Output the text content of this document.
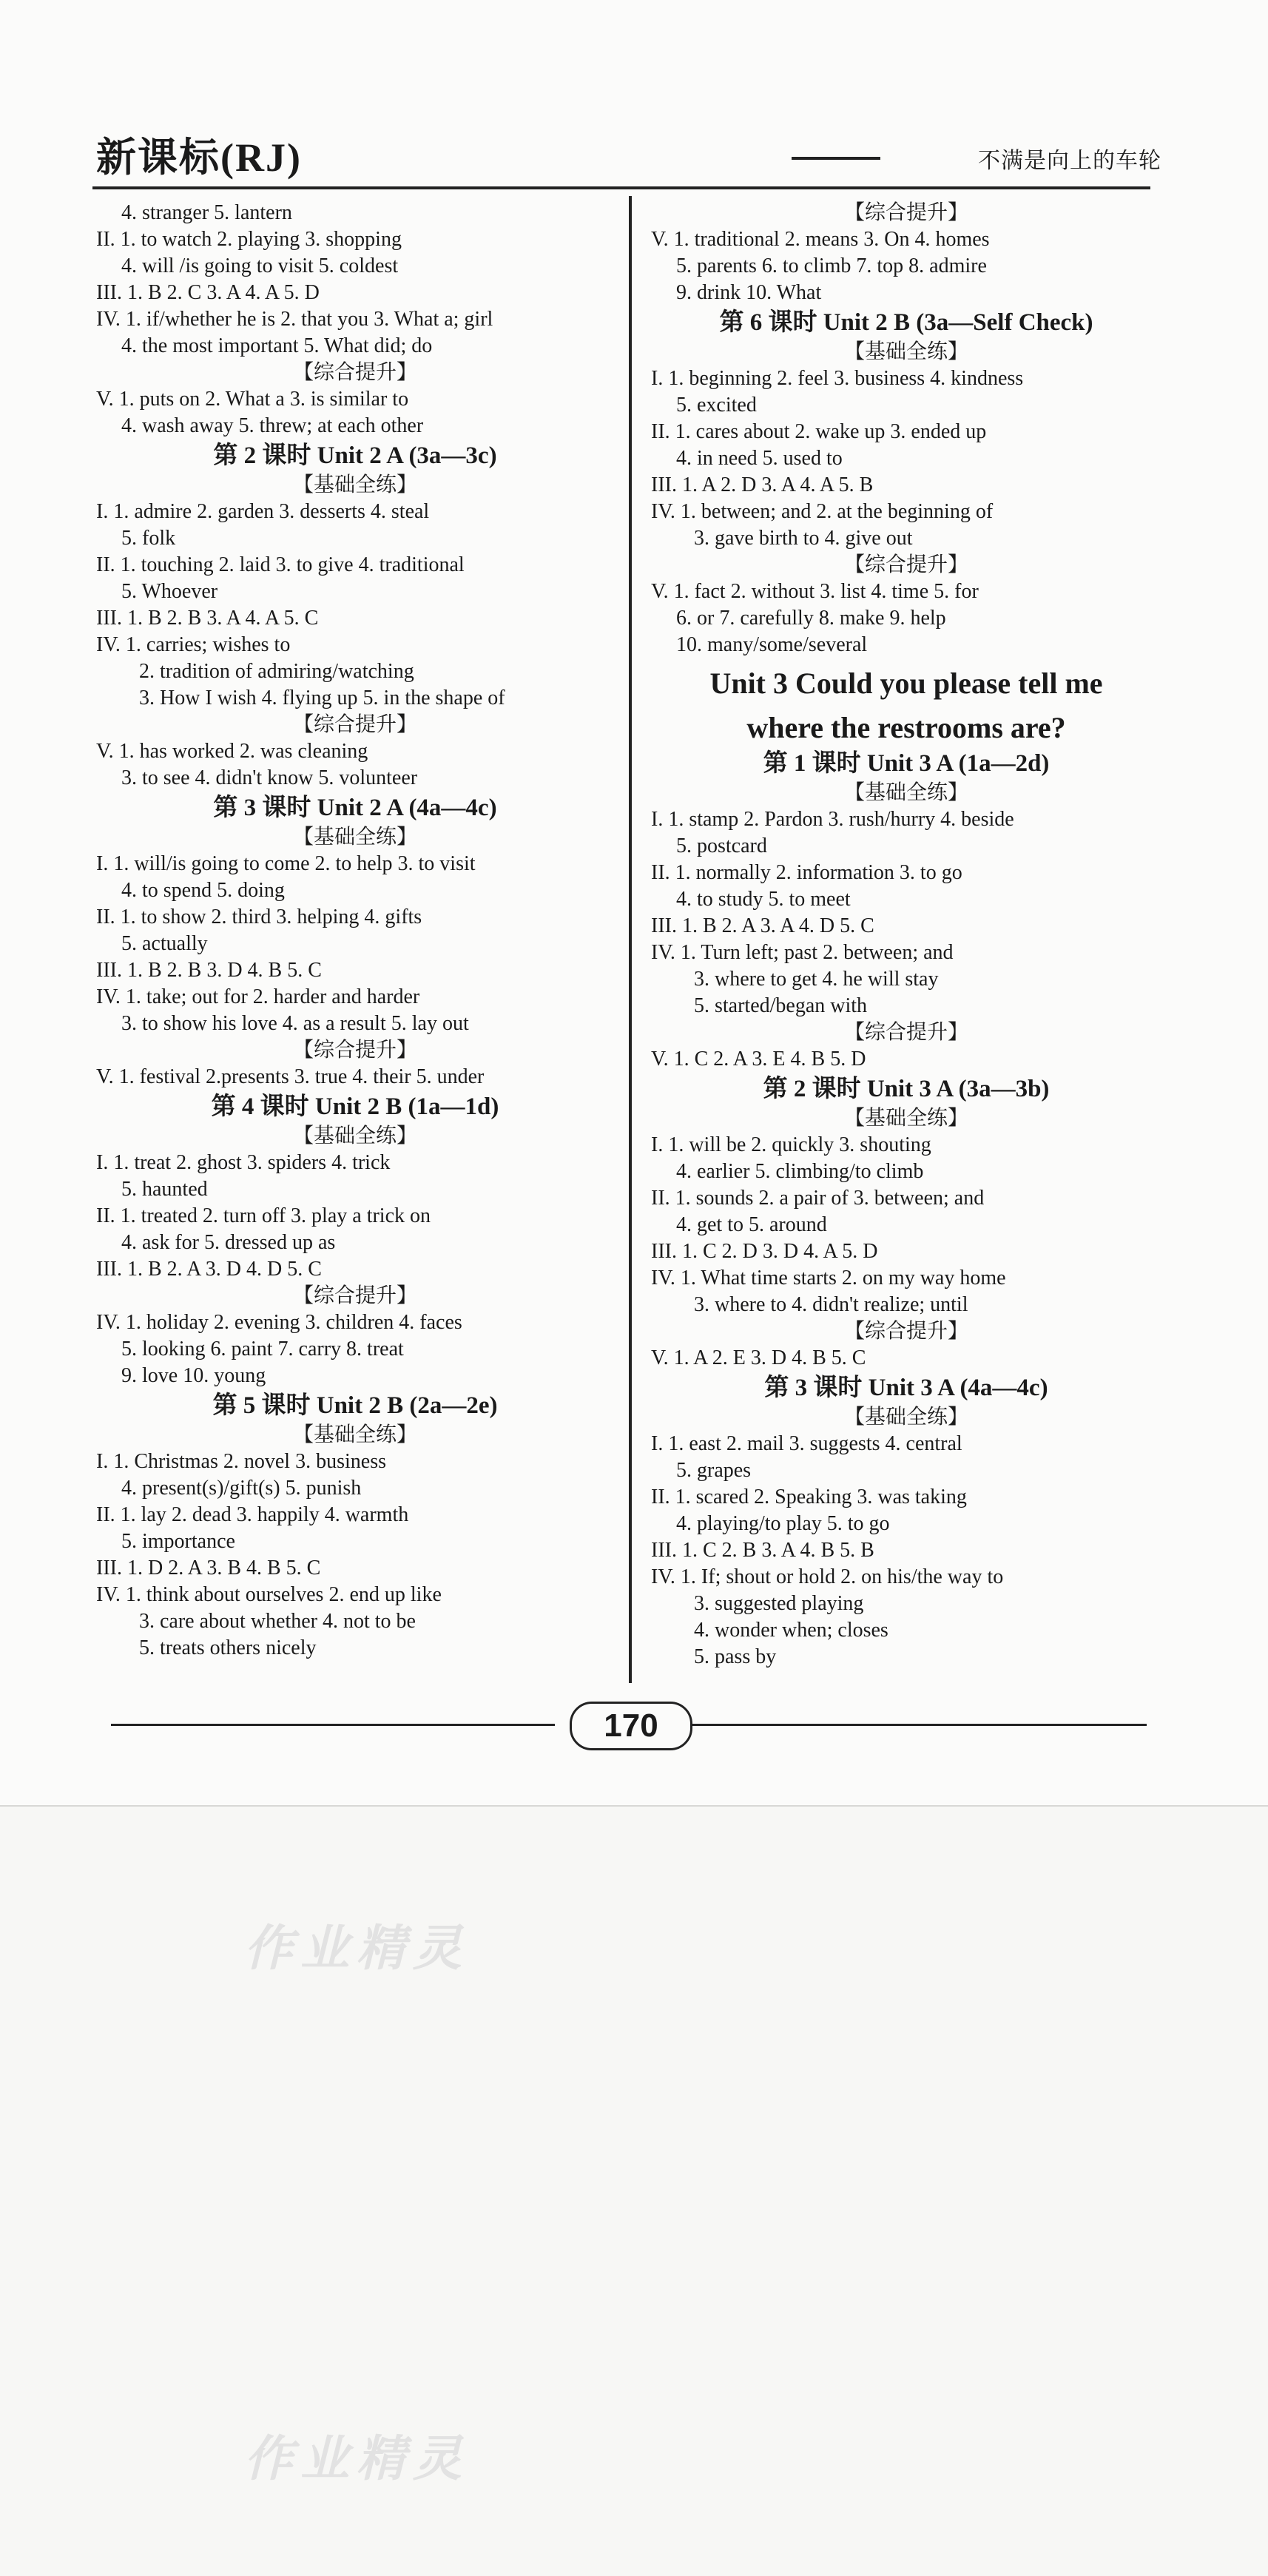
新课标(RJ)	不满是向上的车轮
4. stranger 5. lantern
II. 1. to watch 2. playing 3. shopping
4. will /is going to visit 5. coldest
III. 1. B 2. C 3. A 4. A 5. D
IV. 1. if/whether he is 2. that you 3. What a; girl
4. the most important 5. What did; do
【综合提升】
V. 1. puts on 2. What a 3. is similar to
4. wash away 5. threw; at each other
第 2 课时 Unit 2 A (3a—3c)
【基础全练】
I. 1. admire 2. garden 3. desserts 4. steal
5. folk
II. 1. touching 2. laid 3. to give 4. traditional
5. Whoever
III. 1. B 2. B 3. A 4. A 5. C
IV. 1. carries; wishes to
2. tradition of admiring/watching
3. How I wish 4. flying up 5. in the shape of
【综合提升】
V. 1. has worked 2. was cleaning
3. to see 4. didn't know 5. volunteer
第 3 课时 Unit 2 A (4a—4c)
【基础全练】
I. 1. will/is going to come 2. to help 3. to visit
4. to spend 5. doing
II. 1. to show 2. third 3. helping 4. gifts
5. actually
III. 1. B 2. B 3. D 4. B 5. C
IV. 1. take; out for 2. harder and harder
3. to show his love 4. as a result 5. lay out
【综合提升】
V. 1. festival 2.presents 3. true 4. their 5. under
第 4 课时 Unit 2 B (1a—1d)
【基础全练】
I. 1. treat 2. ghost 3. spiders 4. trick
5. haunted
II. 1. treated 2. turn off 3. play a trick on
4. ask for 5. dressed up as
III. 1. B 2. A 3. D 4. D 5. C
【综合提升】
IV. 1. holiday 2. evening 3. children 4. faces
5. looking 6. paint 7. carry 8. treat
9. love 10. young
第 5 课时 Unit 2 B (2a—2e)
【基础全练】
I. 1. Christmas 2. novel 3. business
4. present(s)/gift(s) 5. punish
II. 1. lay 2. dead 3. happily 4. warmth
5. importance
III. 1. D 2. A 3. B 4. B 5. C
IV. 1. think about ourselves 2. end up like
3. care about whether 4. not to be
5. treats others nicely
【综合提升】
V. 1. traditional 2. means 3. On 4. homes
5. parents 6. to climb 7. top 8. admire
9. drink 10. What
第 6 课时 Unit 2 B (3a—Self Check)
【基础全练】
I. 1. beginning 2. feel 3. business 4. kindness
5. excited
II. 1. cares about 2. wake up 3. ended up
4. in need 5. used to
III. 1. A 2. D 3. A 4. A 5. B
IV. 1. between; and 2. at the beginning of
3. gave birth to 4. give out
【综合提升】
V. 1. fact 2. without 3. list 4. time 5. for
6. or 7. carefully 8. make 9. help
10. many/some/several
Unit 3 Could you please tell me
where the restrooms are?
第 1 课时 Unit 3 A (1a—2d)
【基础全练】
I. 1. stamp 2. Pardon 3. rush/hurry 4. beside
5. postcard
II. 1. normally 2. information 3. to go
4. to study 5. to meet
III. 1. B 2. A 3. A 4. D 5. C
IV. 1. Turn left; past 2. between; and
3. where to get 4. he will stay
5. started/began with
【综合提升】
V. 1. C 2. A 3. E 4. B 5. D
第 2 课时 Unit 3 A (3a—3b)
【基础全练】
I. 1. will be 2. quickly 3. shouting
4. earlier 5. climbing/to climb
II. 1. sounds 2. a pair of 3. between; and
4. get to 5. around
III. 1. C 2. D 3. D 4. A 5. D
IV. 1. What time starts 2. on my way home
3. where to 4. didn't realize; until
【综合提升】
V. 1. A 2. E 3. D 4. B 5. C
第 3 课时 Unit 3 A (4a—4c)
【基础全练】
I. 1. east 2. mail 3. suggests 4. central
5. grapes
II. 1. scared 2. Speaking 3. was taking
4. playing/to play 5. to go
III. 1. C 2. B 3. A 4. B 5. B
IV. 1. If; shout or hold 2. on his/the way to
3. suggested playing
4. wonder when; closes
5. pass by
170
作业精灵
作业精灵
